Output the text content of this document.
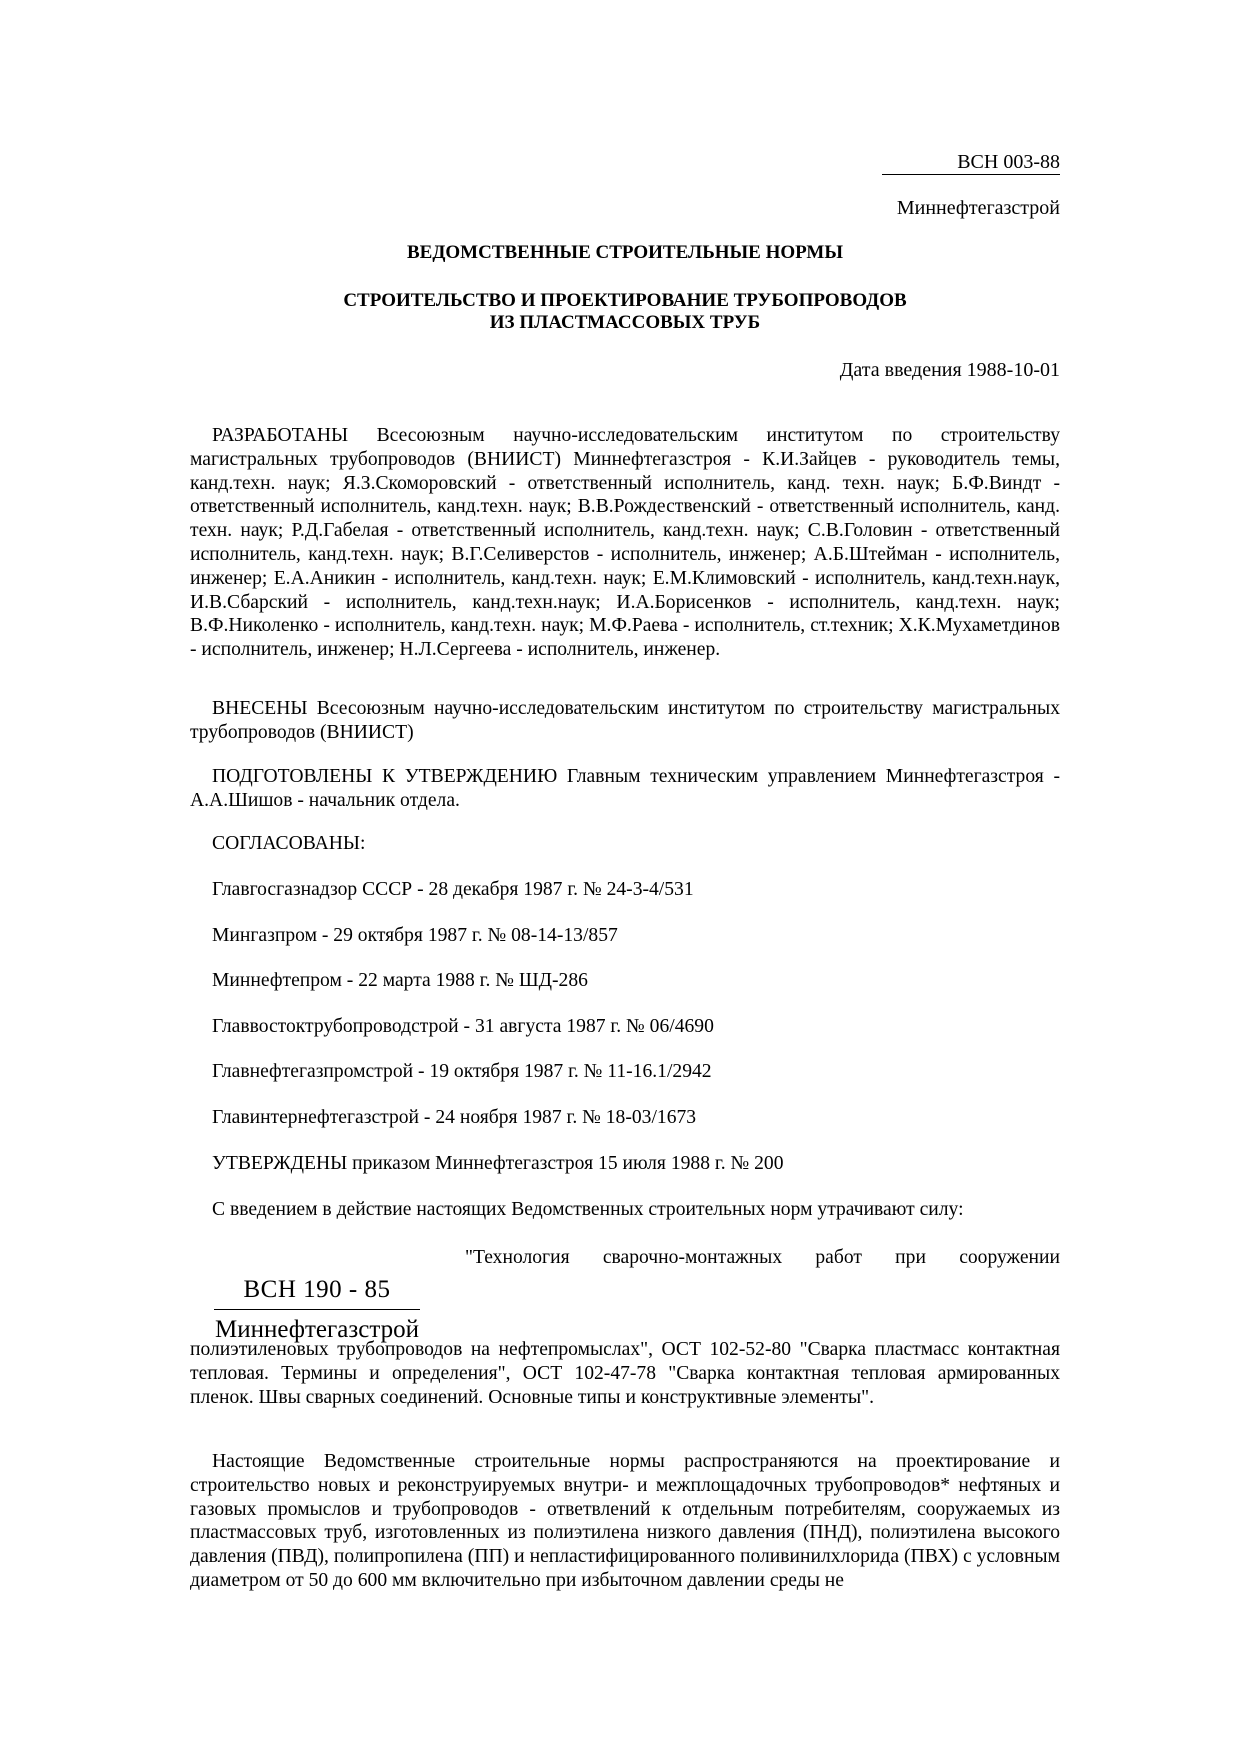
ВСН 003-88
Миннефтегазстрой
ВЕДОМСТВЕННЫЕ СТРОИТЕЛЬНЫЕ НОРМЫ
СТРОИТЕЛЬСТВО И ПРОЕКТИРОВАНИЕ ТРУБОПРОВОДОВ
ИЗ ПЛАСТМАССОВЫХ ТРУБ
Дата введения 1988-10-01

РАЗРАБОТАНЫ Всесоюзным научно-исследовательским институтом по строительству магистральных трубопроводов (ВНИИСТ) Миннефтегазстроя - К.И.Зайцев - руководитель темы, канд.техн. наук; Я.З.Скоморовский - ответственный исполнитель, канд. техн. наук; Б.Ф.Виндт - ответственный исполнитель, канд.техн. наук; В.В.Рождественский - ответственный исполнитель, канд. техн. наук; Р.Д.Габелая - ответственный исполнитель, канд.техн. наук; С.В.Головин - ответственный исполнитель, канд.техн. наук; В.Г.Селиверстов - исполнитель, инженер; А.Б.Штейман - исполнитель, инженер; Е.А.Аникин - исполнитель, канд.техн. наук; Е.М.Климовский - исполнитель, канд.техн.наук, И.В.Сбарский - исполнитель, канд.техн.наук; И.А.Борисенков - исполнитель, канд.техн. наук; В.Ф.Николенко - исполнитель, канд.техн. наук; М.Ф.Раева - исполнитель, ст.техник; Х.К.Мухаметдинов - исполнитель, инженер; Н.Л.Сергеева - исполнитель, инженер.

ВНЕСЕНЫ Всесоюзным научно-исследовательским институтом по строительству магистральных трубопроводов (ВНИИСТ)

ПОДГОТОВЛЕНЫ К УТВЕРЖДЕНИЮ Главным техническим управлением Миннефтегазстроя - А.А.Шишов - начальник отдела.

СОГЛАСОВАНЫ:
Главгосгазнадзор СССР - 28 декабря 1987 г. № 24-3-4/531
Мингазпром - 29 октября 1987 г. № 08-14-13/857
Миннефтепром - 22 марта 1988 г. № ШД-286
Главвостоктрубопроводстрой - 31 августа 1987 г. № 06/4690
Главнефтегазпромстрой - 19 октября 1987 г. № 11-16.1/2942
Главинтернефтегазстрой - 24 ноября 1987 г. № 18-03/1673
УТВЕРЖДЕНЫ приказом Миннефтегазстроя 15 июля 1988 г. № 200
С введением в действие настоящих Ведомственных строительных норм утрачивают силу:
"Технология сварочно-монтажных работ при сооружении
ВСН 190 - 85
Миннефтегазстрой

полиэтиленовых трубопроводов на нефтепромыслах", ОСТ 102-52-80 "Сварка пластмасс контактная тепловая. Термины и определения", ОСТ 102-47-78 "Сварка контактная тепловая армированных пленок. Швы сварных соединений. Основные типы и конструктивные элементы".

Настоящие Ведомственные строительные нормы распространяются на проектирование и строительство новых и реконструируемых внутри- и межплощадочных трубопроводов* нефтяных и газовых промыслов и трубопроводов - ответвлений к отдельным потребителям, сооружаемых из пластмассовых труб, изготовленных из полиэтилена низкого давления (ПНД), полиэтилена высокого давления (ПВД), полипропилена (ПП) и непластифицированного поливинилхлорида (ПВХ) с условным диаметром от 50 до 600 мм включительно при избыточном давлении среды не
